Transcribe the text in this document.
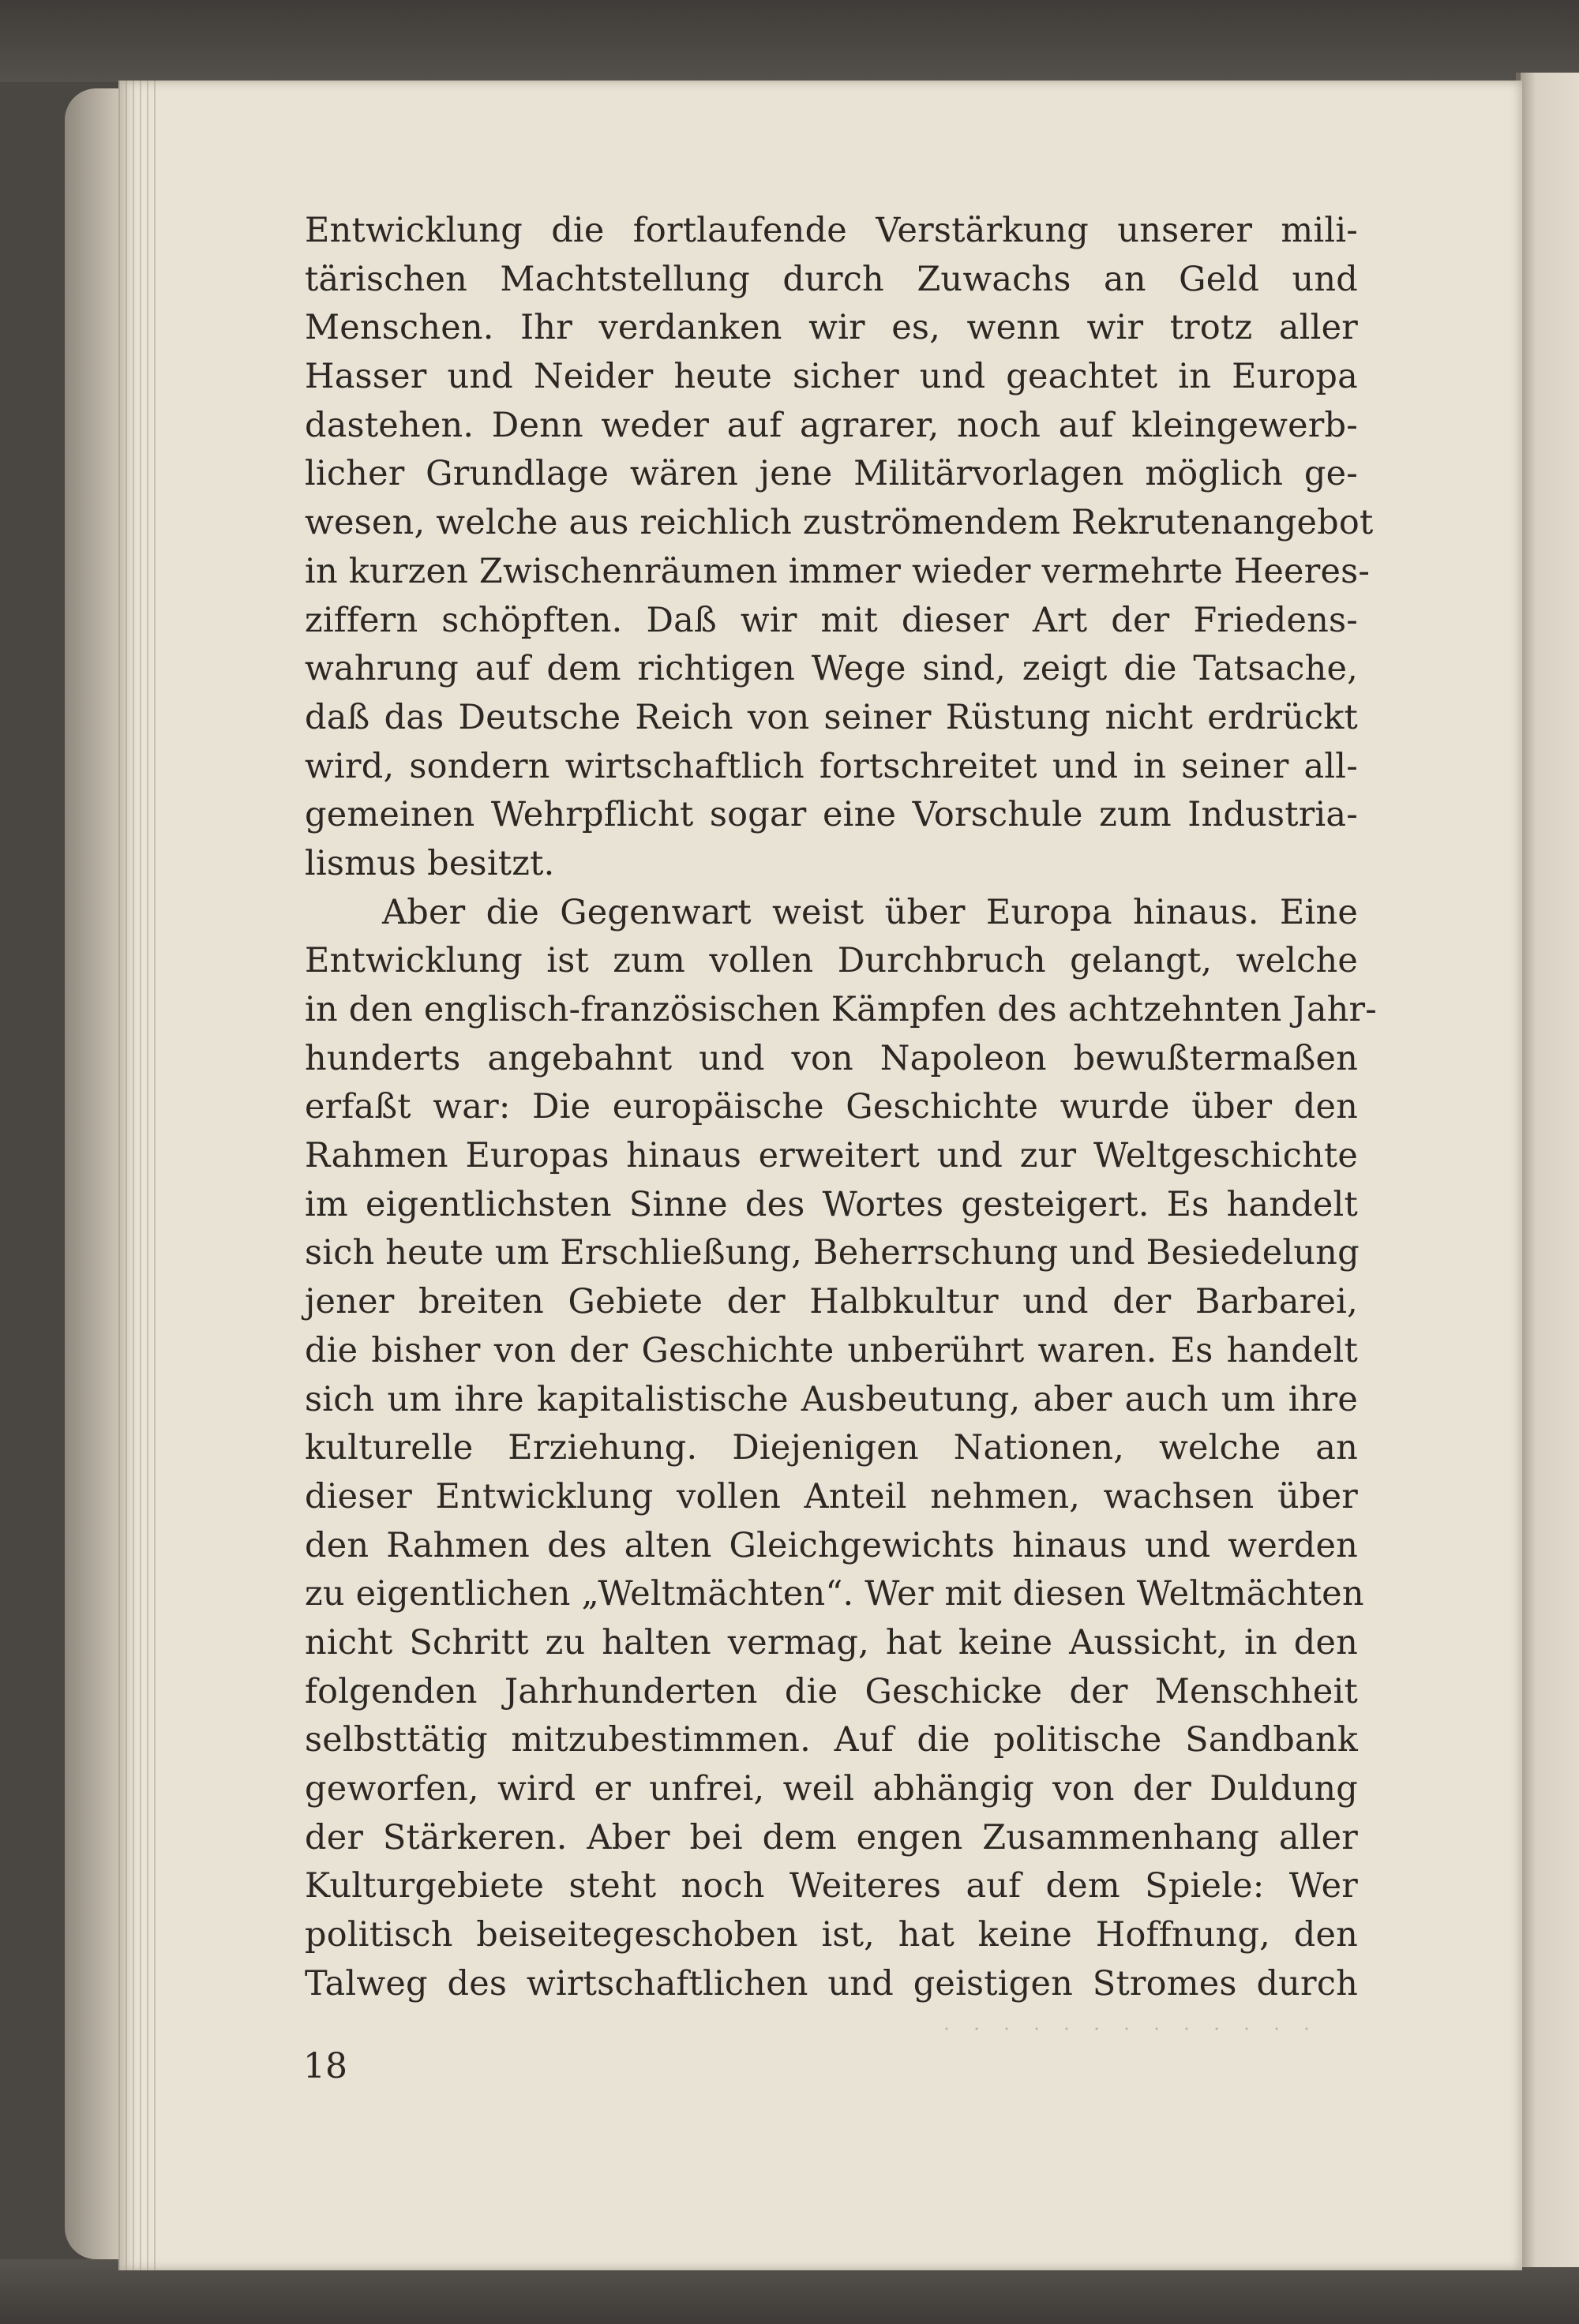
Entwicklung die fortlaufende Verstärkung unserer mili-
tärischen Machtstellung durch Zuwachs an Geld und
Menschen. Ihr verdanken wir es, wenn wir trotz aller
Hasser und Neider heute sicher und geachtet in Europa
dastehen. Denn weder auf agrarer, noch auf kleingewerb-
licher Grundlage wären jene Militärvorlagen möglich ge-
wesen, welche aus reichlich zuströmendem Rekrutenangebot
in kurzen Zwischenräumen immer wieder vermehrte Heeres-
ziffern schöpften. Daß wir mit dieser Art der Friedens-
wahrung auf dem richtigen Wege sind, zeigt die Tatsache,
daß das Deutsche Reich von seiner Rüstung nicht erdrückt
wird, sondern wirtschaftlich fortschreitet und in seiner all-
gemeinen Wehrpflicht sogar eine Vorschule zum Industria-
lismus besitzt.
Aber die Gegenwart weist über Europa hinaus. Eine
Entwicklung ist zum vollen Durchbruch gelangt, welche
in den englisch-französischen Kämpfen des achtzehnten Jahr-
hunderts angebahnt und von Napoleon bewußtermaßen
erfaßt war: Die europäische Geschichte wurde über den
Rahmen Europas hinaus erweitert und zur Weltgeschichte
im eigentlichsten Sinne des Wortes gesteigert. Es handelt
sich heute um Erschließung, Beherrschung und Besiedelung
jener breiten Gebiete der Halbkultur und der Barbarei,
die bisher von der Geschichte unberührt waren. Es handelt
sich um ihre kapitalistische Ausbeutung, aber auch um ihre
kulturelle Erziehung. Diejenigen Nationen, welche an
dieser Entwicklung vollen Anteil nehmen, wachsen über
den Rahmen des alten Gleichgewichts hinaus und werden
zu eigentlichen „Weltmächten“. Wer mit diesen Weltmächten
nicht Schritt zu halten vermag, hat keine Aussicht, in den
folgenden Jahrhunderten die Geschicke der Menschheit
selbsttätig mitzubestimmen. Auf die politische Sandbank
geworfen, wird er unfrei, weil abhängig von der Duldung
der Stärkeren. Aber bei dem engen Zusammenhang aller
Kulturgebiete steht noch Weiteres auf dem Spiele: Wer
politisch beiseitegeschoben ist, hat keine Hoffnung, den
Talweg des wirtschaftlichen und geistigen Stromes durch
18
